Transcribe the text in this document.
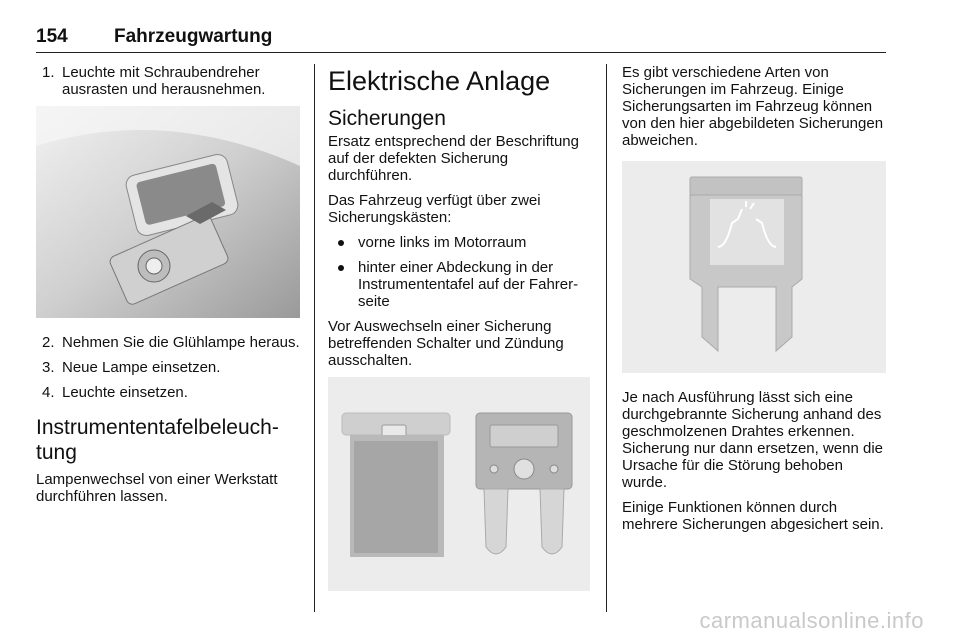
154 Fahrzeugwartung
1. Leuchte mit Schraubendreher ausrasten und herausnehmen.
2. Nehmen Sie die Glühlampe heraus.
3. Neue Lampe einsetzen.
4. Leuchte einsetzen.
Instrumententafelbeleuchtung
Lampenwechsel von einer Werkstatt durchführen lassen.
Elektrische Anlage
Sicherungen
Ersatz entsprechend der Beschriftung auf der defekten Sicherung durchführen.
Das Fahrzeug verfügt über zwei Sicherungskästen:
vorne links im Motorraum
hinter einer Abdeckung in der Instrumententafel auf der Fahrerseite
Vor Auswechseln einer Sicherung betreffenden Schalter und Zündung ausschalten.
Es gibt verschiedene Arten von Sicherungen im Fahrzeug. Einige Sicherungsarten im Fahrzeug können von den hier abgebildeten Sicherungen abweichen.
Je nach Ausführung lässt sich eine durchgebrannte Sicherung anhand des geschmolzenen Drahtes erkennen. Sicherung nur dann ersetzen, wenn die Ursache für die Störung behoben wurde.
Einige Funktionen können durch mehrere Sicherungen abgesichert sein.
carmanualsonline.info
